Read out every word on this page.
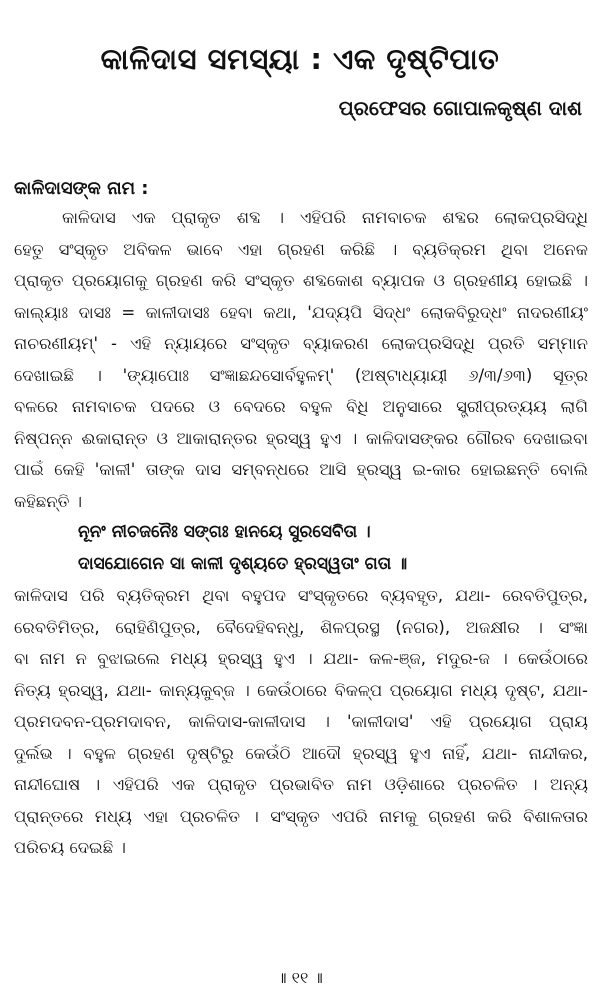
କାଳିଦାସ ସମସ୍ୟା : ଏକ ଦୃଷ୍ଟିପାତ
ପ୍ରଫେସର ଗୋପାଳକୃଷ୍ଣ ଦାଶ
କାଳିଦାସଙ୍କ ନାମ :
କାଳିଦାସ ଏକ ପ୍ରାକୃତ ଶବ୍ଦ । ଏହିପରି ନାମବାଚକ ଶବ୍ଦର ଲୋକପ୍ରସିଦ୍ଧି
ହେତୁ ସଂସ୍କୃତ ଅବିକଳ ଭାବେ ଏହା ଗ୍ରହଣ କରିଛି । ବ୍ୟତିକ୍ରମ ଥିବା ଅନେକ
ପ୍ରାକୃତ ପ୍ରୟୋଗକୁ ଗ୍ରହଣ କରି ସଂସ୍କୃତ ଶବ୍ଦକୋଶ ବ୍ୟାପକ ଓ ଗ୍ରହଣୀୟ ହୋଇଛି ।
କାଲ୍ୟାଃ ଦାସଃ = କାଳୀଦାସଃ ହେବା କଥା, 'ଯଦ୍ୟପି ସିଦ୍ଧଂ ଲୋକବିରୁଦ୍ଧଂ ନାଦରଣୀୟଂ
ନାଚରଣୀୟମ୍' - ଏହି ନ୍ୟାୟରେ ସଂସ୍କୃତ ବ୍ୟାକରଣ ଲୋକପ୍ରସିଦ୍ଧି ପ୍ରତି ସମ୍ମାନ
ଦେଖାଇଛି । 'ଙ୍ୟାପୋଃ ସଂଜ୍ଞାଛନ୍ଦସୋର୍ବହୁଳମ୍' (ଅଷ୍ଟାଧ୍ୟାୟୀ ୬/୩/୬୩) ସୂତ୍ର
ବଳରେ ନାମବାଚକ ପଦରେ ଓ ବେଦରେ ବହୁଳ ବିଧି ଅନୁସାରେ ସ୍ତ୍ରୀପ୍ରତ୍ୟୟ ଲାଗି
ନିଷ୍ପନ୍ନ ଈକାରାନ୍ତ ଓ ଆକାରାନ୍ତର ହ୍ରସ୍ୱ ହୁଏ । କାଳିଦାସଙ୍କର ଗୌରବ ଦେଖାଇବା
ପାଇଁ କେହି 'କାଳୀ' ତାଙ୍କ ଦାସ ସମ୍ବନ୍ଧରେ ଆସି ହ୍ରସ୍ୱ ଇ-କାର ହୋଇଛନ୍ତି ବୋଲି
କହିଛନ୍ତି ।
ନୂନଂ ନୀଚଜନୈଃ ସଙ୍ଗଃ ହାନୟେ ସୁରସେବିତା ।
ଦାସଯୋଗେନ ସା କାଳୀ ଦୃଶ୍ୟତେ ହ୍ରସ୍ୱତାଂ ଗତା ॥
କାଳିଦାସ ପରି ବ୍ୟତିକ୍ରମ ଥିବା ବହୁପଦ ସଂସ୍କୃତରେ ବ୍ୟବହୃତ, ଯଥା- ରେବତିପୁତ୍ର,
ରେବତିମିତ୍ର, ରୋହିଣିପୁତ୍ର, ବୈଦେହିବନ୍ଧୁ, ଶିଳପ୍ରସ୍ଥ (ନଗର), ଅଜକ୍ଷୀର । ସଂଜ୍ଞା
ବା ନାମ ନ ବୁଝାଇଲେ ମଧ୍ୟ ହ୍ରସ୍ୱ ହୁଏ । ଯଥା- କଳ-ଞ୍ଜ, ମଦୁର-ଜ । କେଉଁଠାରେ
ନିତ୍ୟ ହ୍ରସ୍ୱ, ଯଥା- କାନ୍ୟକୁବ୍ଜ । କେଉଁଠାରେ ବିକଳ୍ପ ପ୍ରୟୋଗ ମଧ୍ୟ ଦୃଷ୍ଟ, ଯଥା-
ପ୍ରମଦବନ-ପ୍ରମଦାବନ, କାଳିଦାସ-କାଳୀଦାସ । 'କାଳୀଦାସ' ଏହି ପ୍ରୟୋଗ ପ୍ରାୟ
ଦୁର୍ଲଭ । ବହୁଳ ଗ୍ରହଣ ଦୃଷ୍ଟିରୁ କେଉଁଠି ଆଦୌ ହ୍ରସ୍ୱ ହୁଏ ନାହିଁ, ଯଥା- ନାନ୍ଦୀକର,
ନାନ୍ଦୀଘୋଷ । ଏହିପରି ଏକ ପ୍ରାକୃତ ପ୍ରଭାବିତ ନାମ ଓଡ଼ିଶାରେ ପ୍ରଚଳିତ । ଅନ୍ୟ
ପ୍ରାନ୍ତରେ ମଧ୍ୟ ଏହା ପ୍ରଚଳିତ । ସଂସ୍କୃତ ଏପରି ନାମକୁ ଗ୍ରହଣ କରି ବିଶାଳତାର
ପରିଚୟ ଦେଇଛି ।
॥ ୧୧ ॥
